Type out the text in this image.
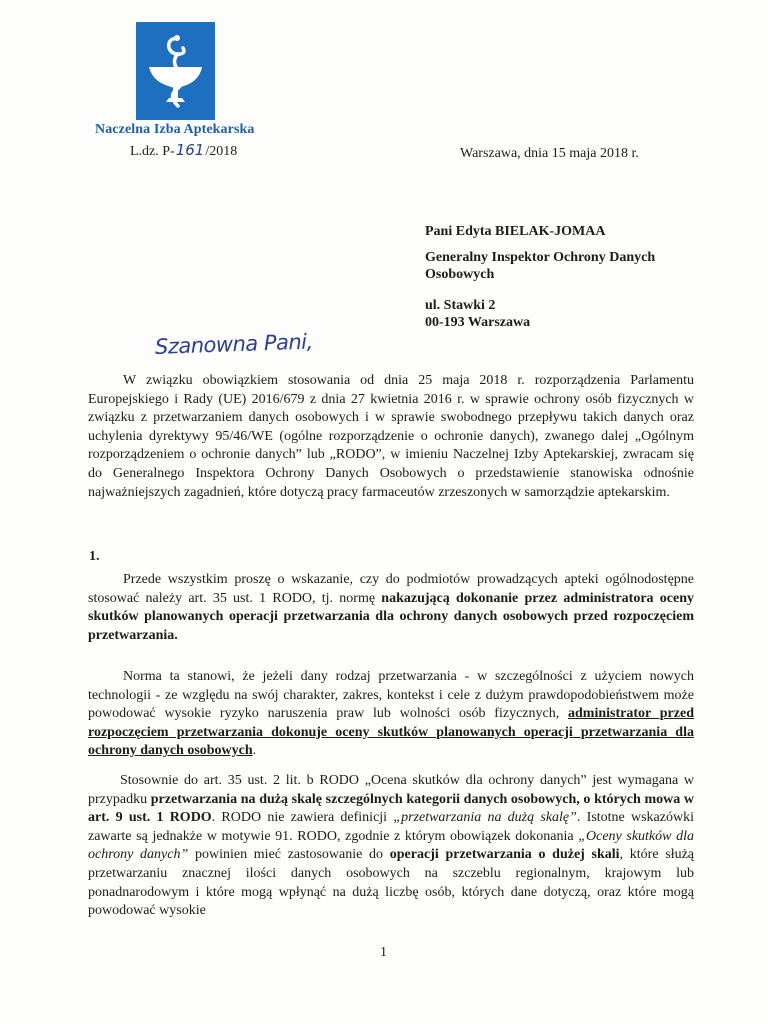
Naczelna Izba Aptekarska
L.dz. P-161/2018	Warszawa, dnia 15 maja 2018 r.
Pani Edyta BIELAK-JOMAA
Generalny Inspektor Ochrony Danych
Osobowych
ul. Stawki 2
00-193 Warszawa
Szanowna Pani,
W związku obowiązkiem stosowania od dnia 25 maja 2018 r. rozporządzenia Parlamentu Europejskiego i Rady (UE) 2016/679 z dnia 27 kwietnia 2016 r. w sprawie ochrony osób fizycznych w związku z przetwarzaniem danych osobowych i w sprawie swobodnego przepływu takich danych oraz uchylenia dyrektywy 95/46/WE (ogólne rozporządzenie o ochronie danych), zwanego dalej „Ogólnym rozporządzeniem o ochronie danych” lub „RODO”, w imieniu Naczelnej Izby Aptekarskiej, zwracam się do Generalnego Inspektora Ochrony Danych Osobowych o przedstawienie stanowiska odnośnie najważniejszych zagadnień, które dotyczą pracy farmaceutów zrzeszonych w samorządzie aptekarskim.
1.
Przede wszystkim proszę o wskazanie, czy do podmiotów prowadzących apteki ogólnodostępne stosować należy art. 35 ust. 1 RODO, tj. normę nakazującą dokonanie przez administratora oceny skutków planowanych operacji przetwarzania dla ochrony danych osobowych przed rozpoczęciem przetwarzania.
Norma ta stanowi, że jeżeli dany rodzaj przetwarzania - w szczególności z użyciem nowych technologii - ze względu na swój charakter, zakres, kontekst i cele z dużym prawdopodobieństwem może powodować wysokie ryzyko naruszenia praw lub wolności osób fizycznych, administrator przed rozpoczęciem przetwarzania dokonuje oceny skutków planowanych operacji przetwarzania dla ochrony danych osobowych.
Stosownie do art. 35 ust. 2 lit. b RODO „Ocena skutków dla ochrony danych” jest wymagana w przypadku przetwarzania na dużą skalę szczególnych kategorii danych osobowych, o których mowa w art. 9 ust. 1 RODO. RODO nie zawiera definicji „przetwarzania na dużą skalę”. Istotne wskazówki zawarte są jednakże w motywie 91. RODO, zgodnie z którym obowiązek dokonania „Oceny skutków dla ochrony danych” powinien mieć zastosowanie do operacji przetwarzania o dużej skali, które służą przetwarzaniu znacznej ilości danych osobowych na szczeblu regionalnym, krajowym lub ponadnarodowym i które mogą wpłynąć na dużą liczbę osób, których dane dotyczą, oraz które mogą powodować wysokie
1
